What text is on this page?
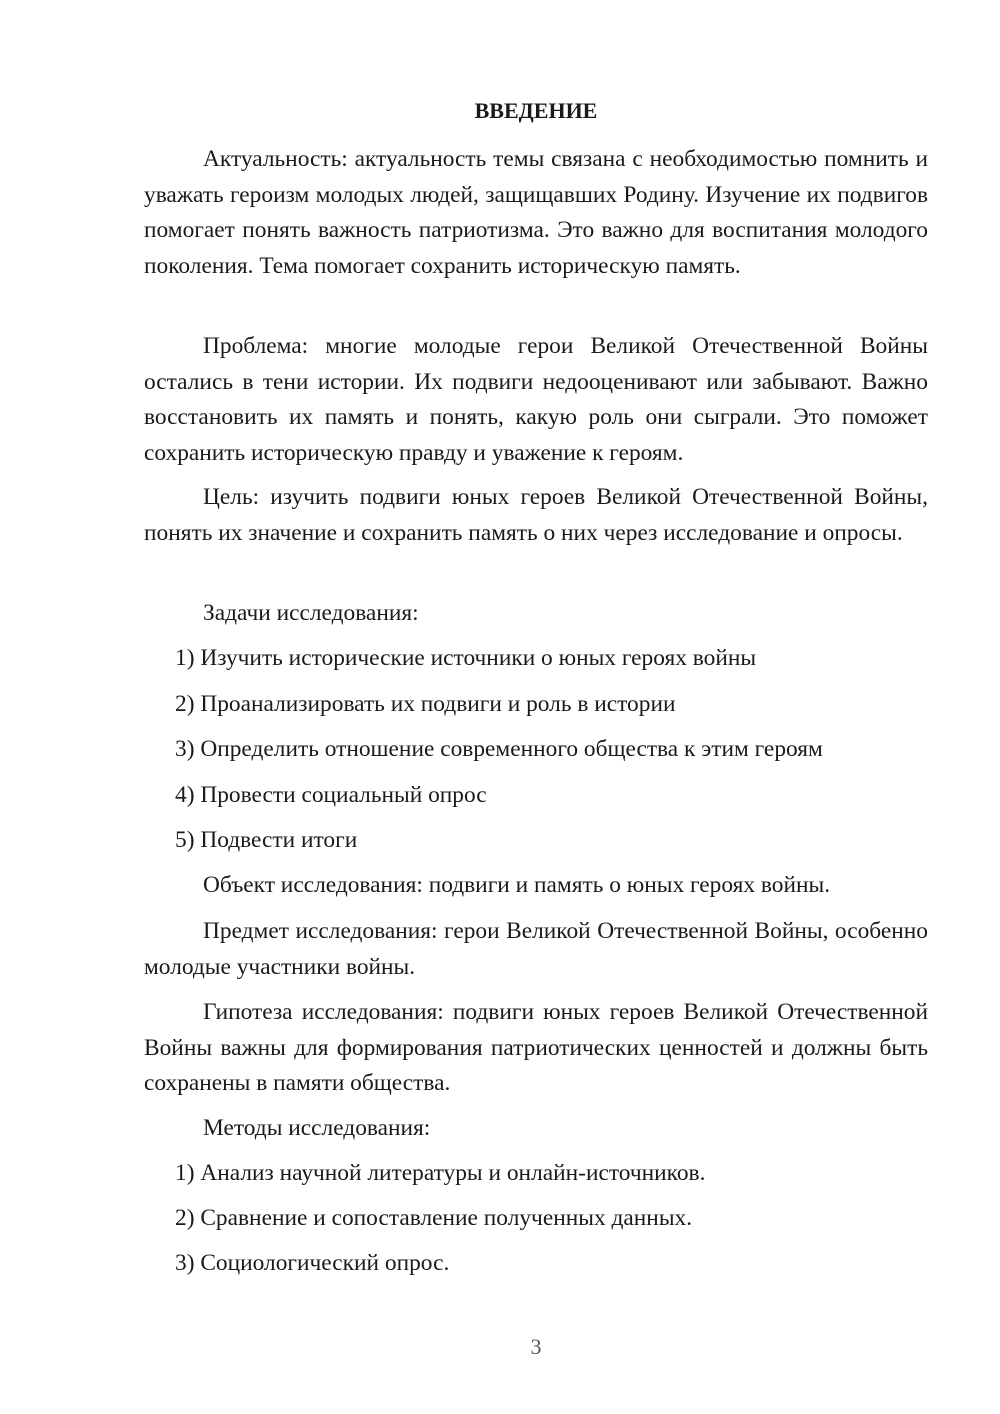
ВВЕДЕНИЕ

Актуальность: актуальность темы связана с необходимостью помнить и уважать героизм молодых людей, защищавших Родину. Изучение их подвигов помогает понять важность патриотизма. Это важно для воспитания молодого поколения. Тема помогает сохранить историческую память.

Проблема: многие молодые герои Великой Отечественной Войны остались в тени истории. Их подвиги недооценивают или забывают. Важно восстановить их память и понять, какую роль они сыграли. Это поможет сохранить историческую правду и уважение к героям.

Цель: изучить подвиги юных героев Великой Отечественной Войны, понять их значение и сохранить память о них через исследование и опросы.

Задачи исследования:

1) Изучить исторические источники о юных героях войны

2) Проанализировать их подвиги и роль в истории

3) Определить отношение современного общества к этим героям

4) Провести социальный опрос

5) Подвести итоги

Объект исследования: подвиги и память о юных героях войны.

Предмет исследования: герои Великой Отечественной Войны, особенно молодые участники войны.

Гипотеза исследования: подвиги юных героев Великой Отечественной Войны важны для формирования патриотических ценностей и должны быть сохранены в памяти общества.

Методы исследования:

1) Анализ научной литературы и онлайн-источников.

2) Сравнение и сопоставление полученных данных.

3) Социологический опрос.

3
